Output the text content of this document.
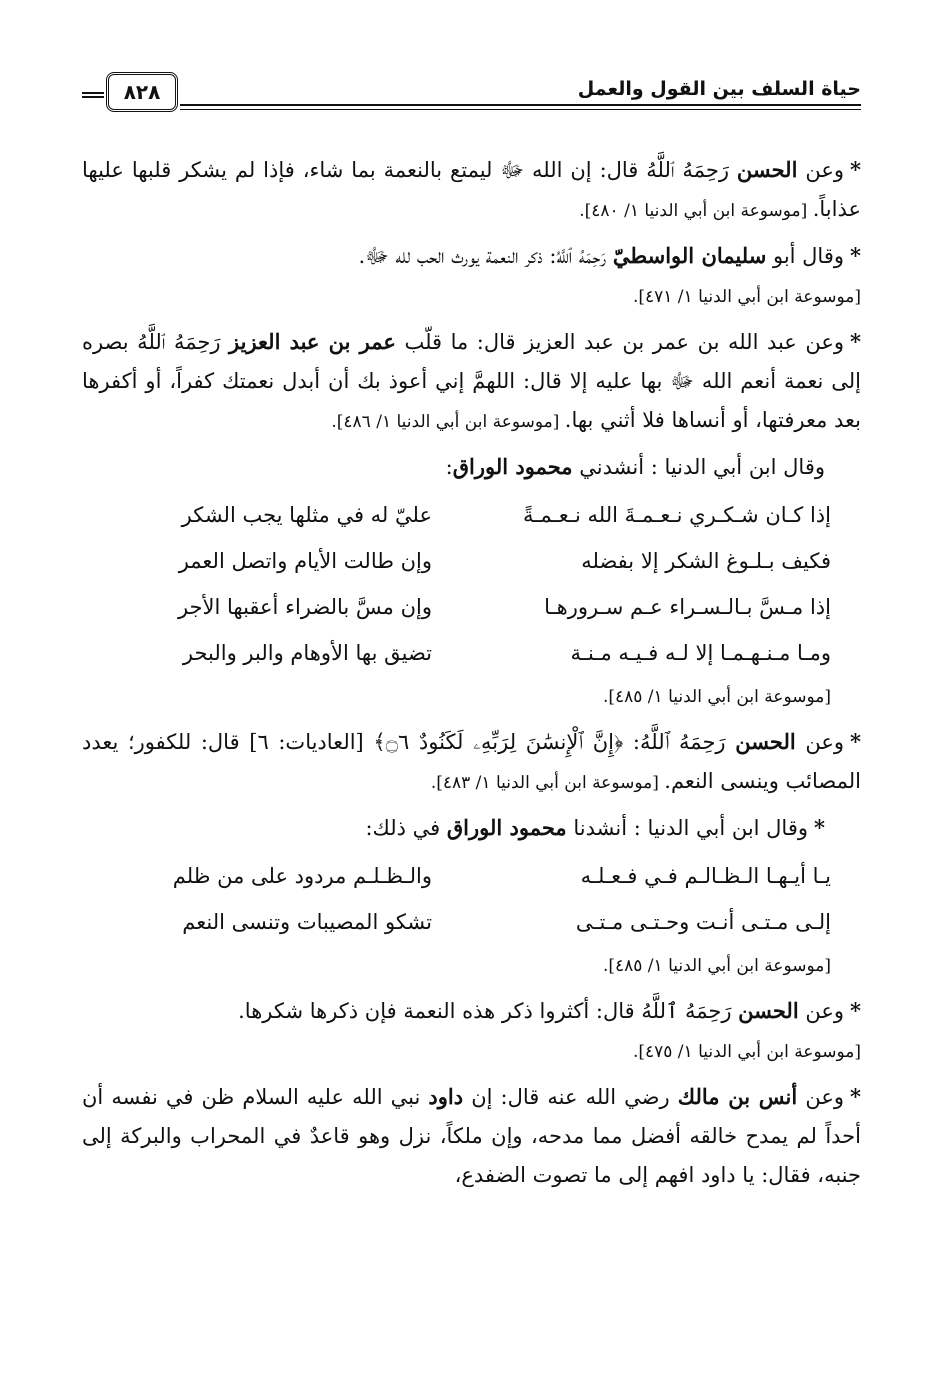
حياة السلف بين القول والعمل
٨٢٨

*وعن الحسن رَحِمَهُ ٱللَّهُ قال: إن الله ﷻ ليمتع بالنعمة بما شاء، فإذا لم يشكر قلبها عليها عذاباً. [موسوعة ابن أبي الدنيا ١/ ٤٨٠].

*وقال أبو سليمان الواسطيّ رَحِمَهُ ٱللَّهُ: ذكر النعمة يورث الحب لله ﷻ.
[موسوعة ابن أبي الدنيا ١/ ٤٧١].

*وعن عبد الله بن عمر بن عبد العزيز قال: ما قلّب عمر بن عبد العزيز رَحِمَهُ ٱللَّهُ بصره إلى نعمة أنعم الله ﷻ بها عليه إلا قال: اللهمَّ إني أعوذ بك أن أبدل نعمتك كفراً، أو أكفرها بعد معرفتها، أو أنساها فلا أثني بها. [موسوعة ابن أبي الدنيا ١/ ٤٨٦].

وقال ابن أبي الدنيا : أنشدني محمود الوراق:

إذا كـان شـكـري نـعـمـةَ الله نـعـمـةً
عليّ له في مثلها يجب الشكر
فكيف بـلـوغ الشكر إلا بفضله
وإن طالت الأيام واتصل العمر
إذا مـسَّ بـالـسـراء عـم سـرورهـا
وإن مسَّ بالضراء أعقبها الأجر
ومـا مـنـهـمـا إلا لـه فـيـه مـنـة
تضيق بها الأوهام والبر والبحر
[موسوعة ابن أبي الدنيا ١/ ٤٨٥].

*وعن الحسن رَحِمَهُ ٱللَّهُ: ﴿إِنَّ ٱلْإِنسَٰنَ لِرَبِّهِۦ لَكَنُودٌ ۝٦﴾ [العاديات: ٦] قال: للكفور؛ يعدد المصائب وينسى النعم. [موسوعة ابن أبي الدنيا ١/ ٤٨٣].

*وقال ابن أبي الدنيا : أنشدنا محمود الوراق في ذلك:

يـا أيـهـا الـظـالـم فـي فـعـلـه
والـظـلـم مردود على من ظلم
إلـى مـتـى أنـت وحـتـى مـتـى
تشكو المصيبات وتنسى النعم
[موسوعة ابن أبي الدنيا ١/ ٤٨٥].

*وعن الحسن رَحِمَهُ ٱللَّهُ قال: أكثروا ذكر هذه النعمة فإن ذكرها شكرها.
[موسوعة ابن أبي الدنيا ١/ ٤٧٥].

*وعن أنس بن مالك رضي الله عنه قال: إن داود نبي الله عليه السلام ظن في نفسه أن أحداً لم يمدح خالقه أفضل مما مدحه، وإن ملكاً، نزل وهو قاعدٌ في المحراب والبركة إلى جنبه، فقال: يا داود افهم إلى ما تصوت الضفدع،
